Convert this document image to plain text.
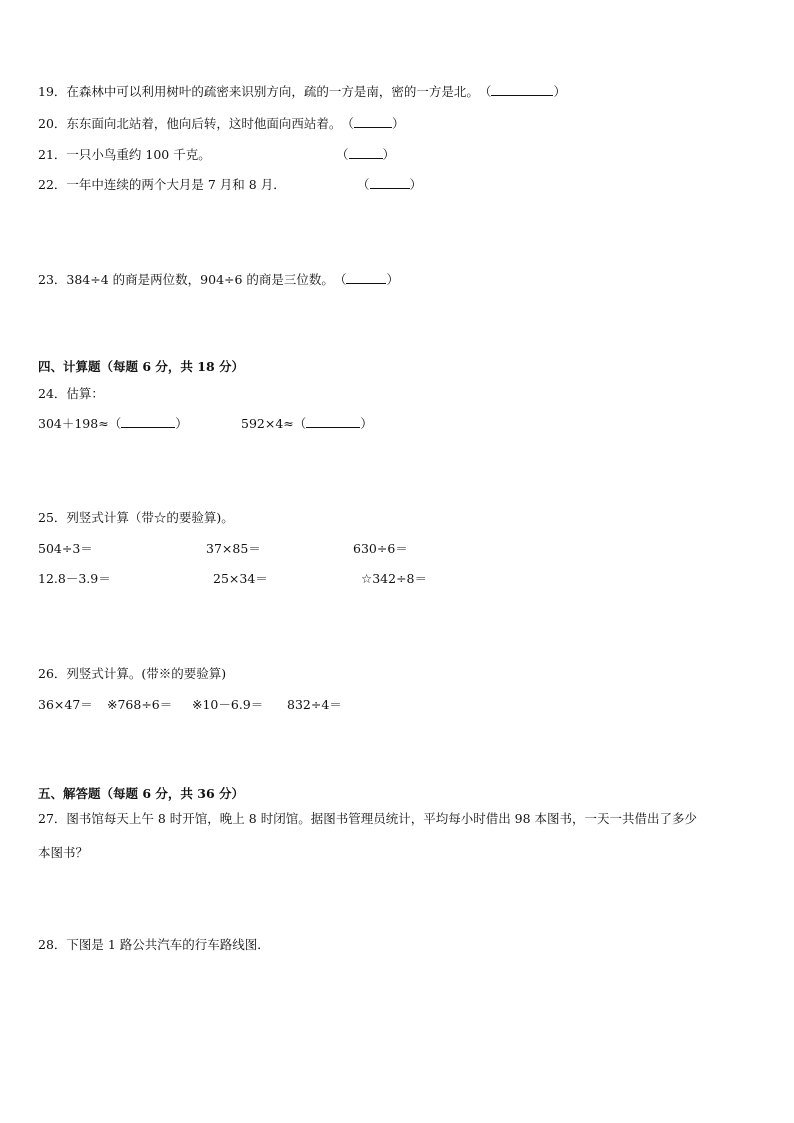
19．在森林中可以利用树叶的疏密来识别方向，疏的一方是南，密的一方是北。（	）
20．东东面向北站着，他向后转，这时他面向西站着。（	）
21．一只小鸟重约 100 千克。	（	）
22．一年中连续的两个大月是 7 月和 8 月．	（	）
23．384÷4 的商是两位数，904÷6 的商是三位数。（	）
四、计算题（每题 6 分，共 18 分）
24．估算：
304＋198≈（	）	592×4≈（	）
25．列竖式计算（带☆的要验算)。
504÷3＝	37×85＝	630÷6＝
12.8－3.9＝	25×34＝	☆342÷8＝
26．列竖式计算。(带※的要验算)
36×47＝ ※768÷6＝ ※10－6.9＝ 832÷4＝
五、解答题（每题 6 分，共 36 分）
27．图书馆每天上午 8 时开馆，晚上 8 时闭馆。据图书管理员统计，平均每小时借出 98 本图书，一天一共借出了多少
本图书？
28．下图是 1 路公共汽车的行车路线图．
